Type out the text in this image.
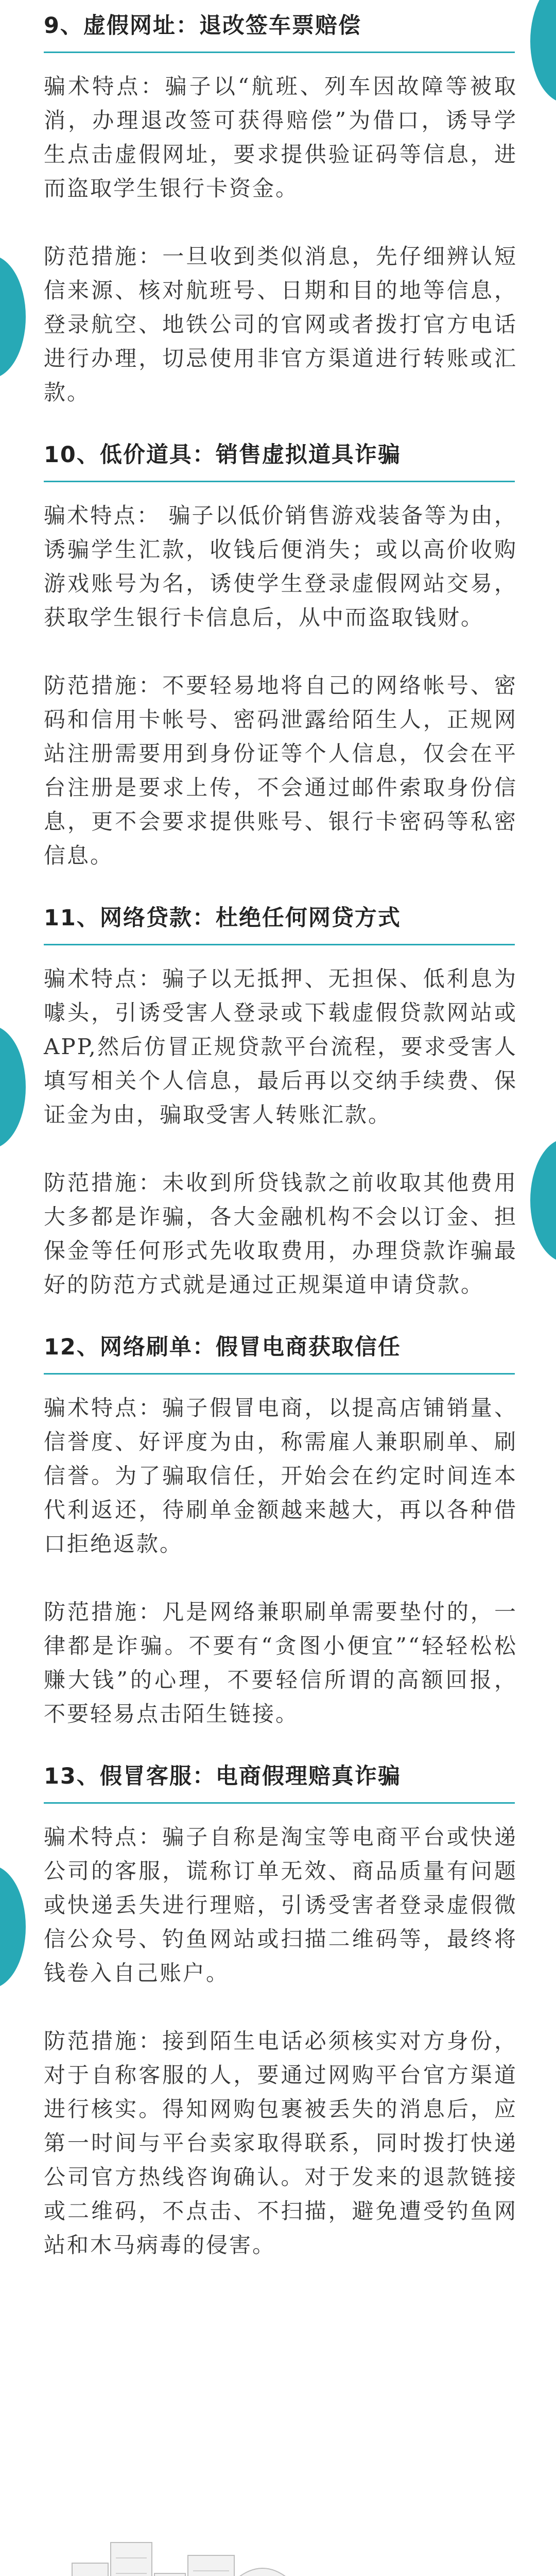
9、虚假网址：退改签车票赔偿

骗术特点：骗子以“航班、列车因故障等被取消，办理退改签可获得赔偿”为借口，诱导学生点击虚假网址，要求提供验证码等信息，进而盗取学生银行卡资金。

防范措施：一旦收到类似消息，先仔细辨认短信来源、核对航班号、日期和目的地等信息，登录航空、地铁公司的官网或者拨打官方电话进行办理，切忌使用非官方渠道进行转账或汇款。

10、低价道具：销售虚拟道具诈骗

骗术特点： 骗子以低价销售游戏装备等为由，诱骗学生汇款，收钱后便消失；或以高价收购游戏账号为名，诱使学生登录虚假网站交易，获取学生银行卡信息后，从中而盗取钱财。

防范措施：不要轻易地将自己的网络帐号、密码和信用卡帐号、密码泄露给陌生人，正规网站注册需要用到身份证等个人信息，仅会在平台注册是要求上传，不会通过邮件索取身份信息，更不会要求提供账号、银行卡密码等私密信息。

11、网络贷款：杜绝任何网贷方式

骗术特点：骗子以无抵押、无担保、低利息为噱头，引诱受害人登录或下载虚假贷款网站或APP,然后仿冒正规贷款平台流程，要求受害人填写相关个人信息，最后再以交纳手续费、保证金为由，骗取受害人转账汇款。

防范措施：未收到所贷钱款之前收取其他费用大多都是诈骗，各大金融机构不会以订金、担保金等任何形式先收取费用，办理贷款诈骗最好的防范方式就是通过正规渠道申请贷款。

12、网络刷单：假冒电商获取信任

骗术特点：骗子假冒电商，以提高店铺销量、信誉度、好评度为由，称需雇人兼职刷单、刷信誉。为了骗取信任，开始会在约定时间连本代利返还，待刷单金额越来越大，再以各种借口拒绝返款。

防范措施：凡是网络兼职刷单需要垫付的，一律都是诈骗。不要有“贪图小便宜”“轻轻松松赚大钱”的心理，不要轻信所谓的高额回报，不要轻易点击陌生链接。

13、假冒客服：电商假理赔真诈骗

骗术特点：骗子自称是淘宝等电商平台或快递公司的客服，谎称订单无效、商品质量有问题或快递丢失进行理赔，引诱受害者登录虚假微信公众号、钓鱼网站或扫描二维码等，最终将钱卷入自己账户。

防范措施：接到陌生电话必须核实对方身份，对于自称客服的人，要通过网购平台官方渠道进行核实。得知网购包裹被丢失的消息后，应第一时间与平台卖家取得联系，同时拨打快递公司官方热线咨询确认。对于发来的退款链接或二维码，不点击、不扫描，避免遭受钓鱼网站和木马病毒的侵害。
